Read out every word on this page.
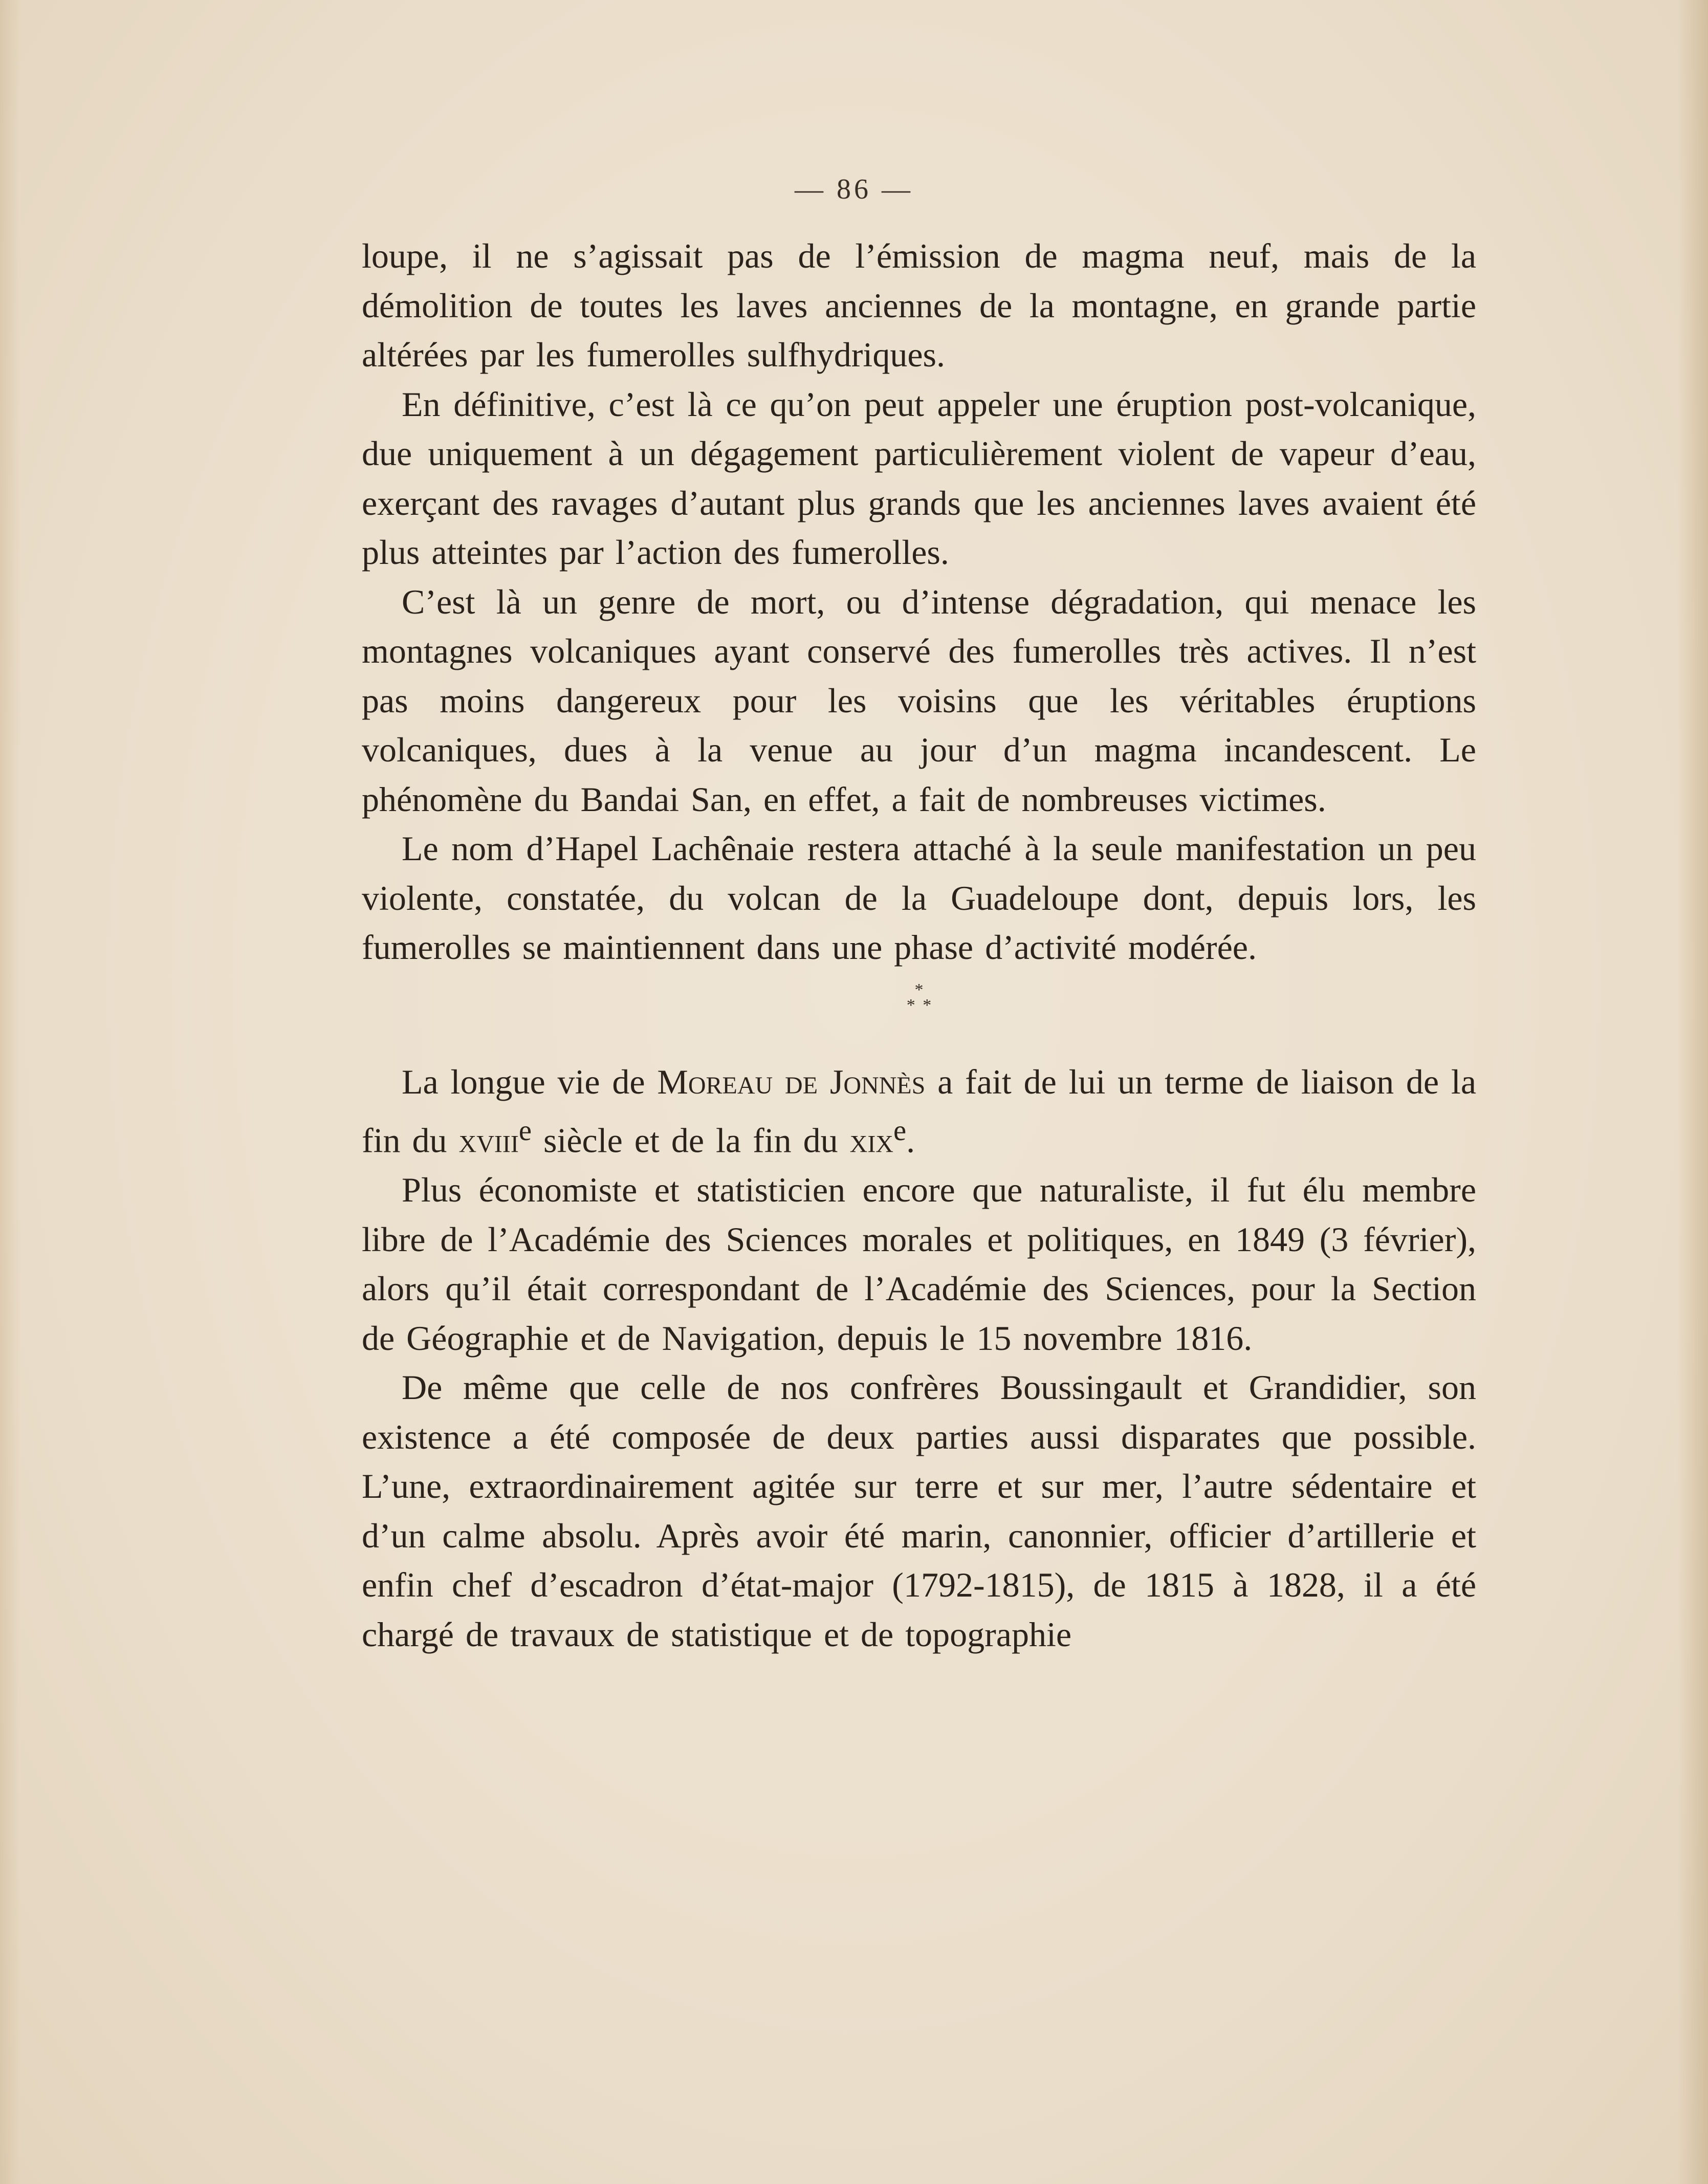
— 86 —

loupe, il ne s’agissait pas de l’émission de magma neuf, mais de la démolition de toutes les laves anciennes de la montagne, en grande partie altérées par les fumerolles sulfhydriques.

En définitive, c’est là ce qu’on peut appeler une éruption post-volcanique, due uniquement à un dégagement particulièrement violent de vapeur d’eau, exerçant des ravages d’autant plus grands que les anciennes laves avaient été plus atteintes par l’action des fumerolles.

C’est là un genre de mort, ou d’intense dégradation, qui menace les montagnes volcaniques ayant conservé des fumerolles très actives. Il n’est pas moins dangereux pour les voisins que les véritables éruptions volcaniques, dues à la venue au jour d’un magma incandescent. Le phénomène du Bandai San, en effet, a fait de nombreuses victimes.

Le nom d’Hapel Lachênaie restera attaché à la seule manifestation un peu violente, constatée, du volcan de la Guadeloupe dont, depuis lors, les fumerolles se maintiennent dans une phase d’activité modérée.

*
* *

La longue vie de Moreau de Jonnès a fait de lui un terme de liaison de la fin du xviii$^e$ siècle et de la fin du xix$^e$.

Plus économiste et statisticien encore que naturaliste, il fut élu membre libre de l’Académie des Sciences morales et politiques, en 1849 (3 février), alors qu’il était correspondant de l’Académie des Sciences, pour la Section de Géographie et de Navigation, depuis le 15 novembre 1816.

De même que celle de nos confrères Boussingault et Grandidier, son existence a été composée de deux parties aussi disparates que possible. L’une, extraordinairement agitée sur terre et sur mer, l’autre sédentaire et d’un calme absolu. Après avoir été marin, canonnier, officier d’artillerie et enfin chef d’escadron d’état-major (1792-1815), de 1815 à 1828, il a été chargé de travaux de statistique et de topographie
